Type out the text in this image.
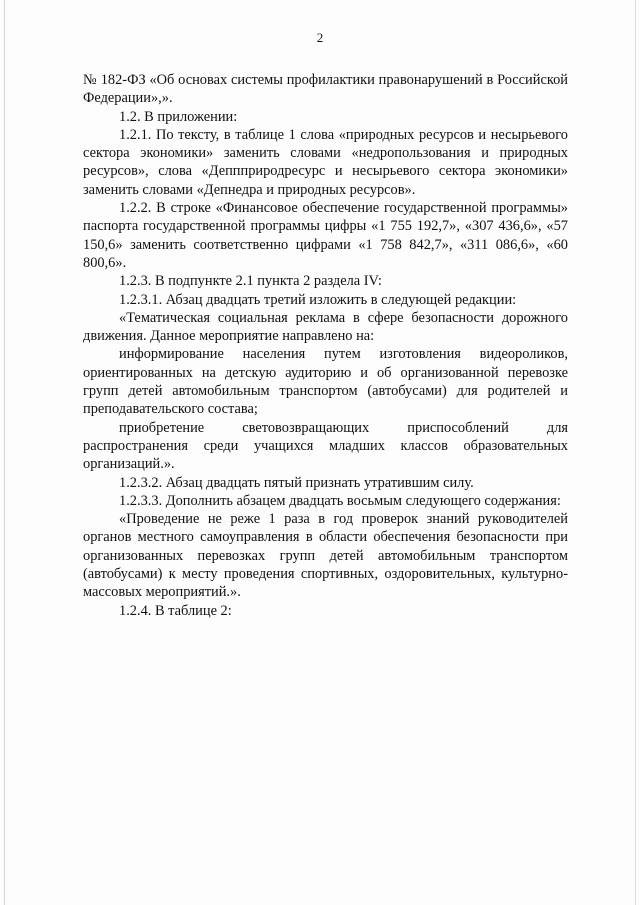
2

№ 182-ФЗ «Об основах системы профилактики правонарушений в Российской Федерации»,».

1.2. В приложении:

1.2.1. По тексту, в таблице 1 слова «природных ресурсов и несырьевого сектора экономики» заменить словами «недропользования и природных ресурсов», слова «Деппприродресурс и несырьевого сектора экономики» заменить словами «Депнедра и природных ресурсов».

1.2.2. В строке «Финансовое обеспечение государственной программы» паспорта государственной программы цифры «1 755 192,7», «307 436,6», «57 150,6» заменить соответственно цифрами «1 758 842,7», «311 086,6», «60 800,6».

1.2.3. В подпункте 2.1 пункта 2 раздела IV:

1.2.3.1. Абзац двадцать третий изложить в следующей редакции:

«Тематическая социальная реклама в сфере безопасности дорожного движения. Данное мероприятие направлено на:

информирование населения путем изготовления видеороликов, ориентированных на детскую аудиторию и об организованной перевозке групп детей автомобильным транспортом (автобусами) для родителей и преподавательского состава;

приобретение световозвращающих приспособлений для распространения среди учащихся младших классов образовательных организаций.».

1.2.3.2. Абзац двадцать пятый признать утратившим силу.

1.2.3.3. Дополнить абзацем двадцать восьмым следующего содержания:

«Проведение не реже 1 раза в год проверок знаний руководителей органов местного самоуправления в области обеспечения безопасности при организованных перевозках групп детей автомобильным транспортом (автобусами) к месту проведения спортивных, оздоровительных, культурно-массовых мероприятий.».

1.2.4. В таблице 2:
